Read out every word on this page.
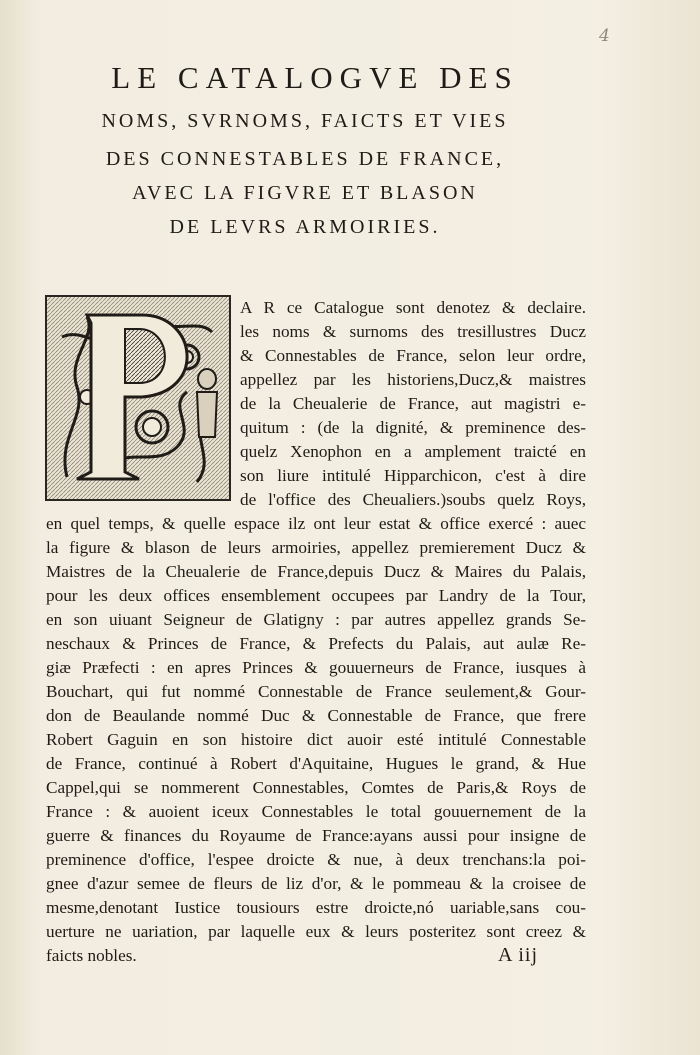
4
LE CATALOGVE DES
NOMS, SVRNOMS, FAICTS ET VIES
DES CONNESTABLES DE FRANCE,
AVEC LA FIGVRE ET BLASON
DE LEVRS ARMOIRIES.
A R ce Catalogue sont denotez & declaire.
les noms & surnoms des tresillustres Ducz
& Connestables de France, selon leur ordre,
appellez par les historiens,Ducz,& maistres
de la Cheualerie de France, aut magistri e-
quitum : (de la dignité, & preminence des-
quelz Xenophon en a amplement traicté en
son liure intitulé Hipparchicon, c'est à dire
de l'office des Cheualiers.)soubs quelz Roys,
en quel temps, & quelle espace ilz ont leur estat & office exercé : auec
la figure & blason de leurs armoiries, appellez premierement Ducz &
Maistres de la Cheualerie de France,depuis Ducz & Maires du Palais,
pour les deux offices ensemblement occupees par Landry de la Tour,
en son uiuant Seigneur de Glatigny : par autres appellez grands Se-
neschaux & Princes de France, & Prefects du Palais, aut aulæ Re-
giæ Præfecti : en apres Princes & gouuerneurs de France, iusques à
Bouchart, qui fut nommé Connestable de France seulement,& Gour-
don de Beaulande nommé Duc & Connestable de France, que frere
Robert Gaguin en son histoire dict auoir esté intitulé Connestable
de France, continué à Robert d'Aquitaine, Hugues le grand, & Hue
Cappel,qui se nommerent Connestables, Comtes de Paris,& Roys de
France : & auoient iceux Connestables le total gouuernement de la
guerre & finances du Royaume de France:ayans aussi pour insigne de
preminence d'office, l'espee droicte & nue, à deux trenchans:la poi-
gnee d'azur semee de fleurs de liz d'or, & le pommeau & la croisee de
mesme,denotant Iustice tousiours estre droicte,nó uariable,sans cou-
uerture ne uariation, par laquelle eux & leurs posteritez sont creez &
faicts nobles.	A iij
